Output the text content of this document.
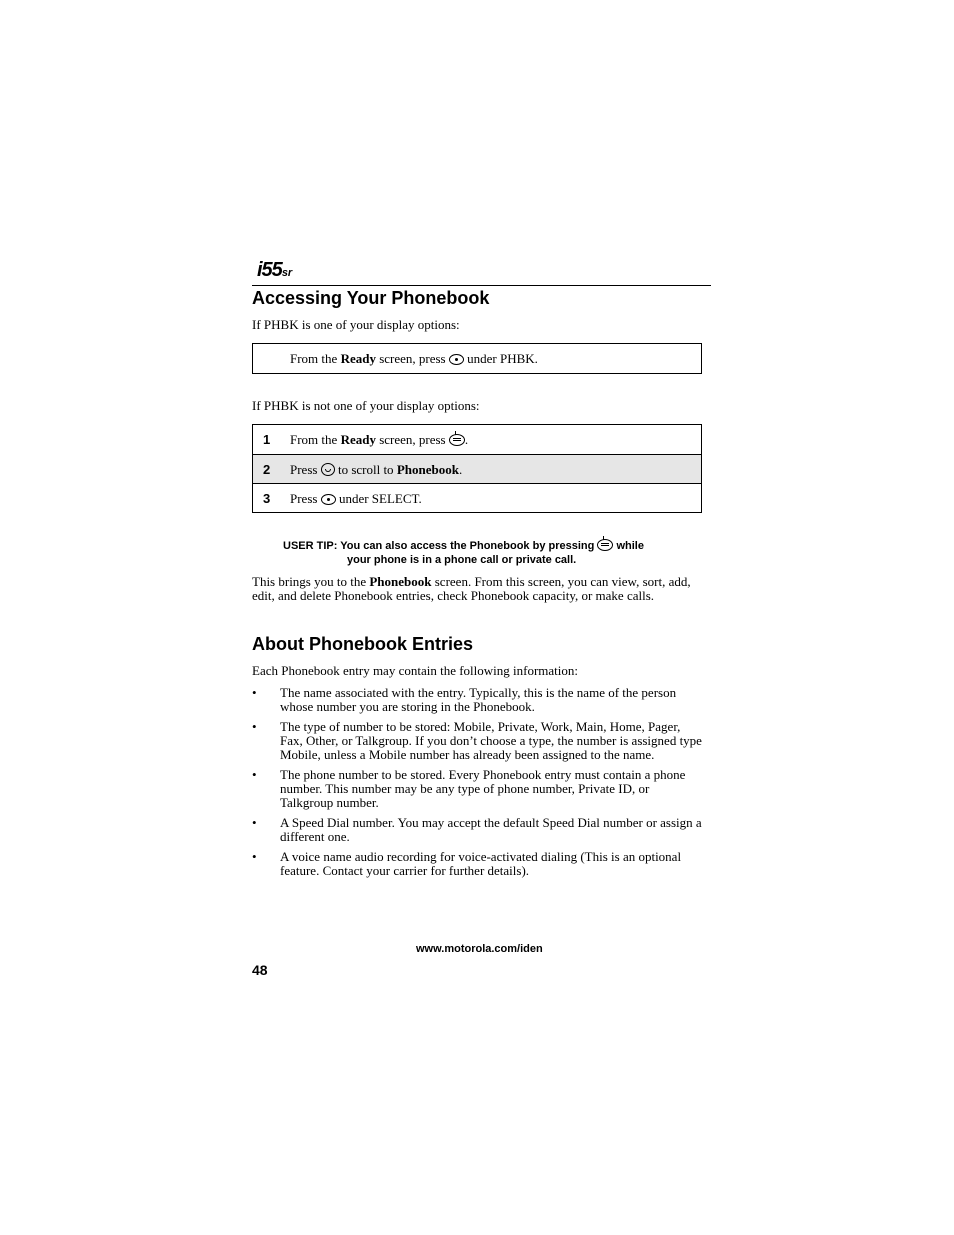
i55sr
Accessing Your Phonebook
If PHBK is one of your display options:
From the Ready screen, press  under PHBK.
If PHBK is not one of your display options:
1 From the Ready screen, press .
2 Press  to scroll to Phonebook.
3 Press  under SELECT.
USER TIP: You can also access the Phonebook by pressing  while
your phone is in a phone call or private call.
This brings you to the Phonebook screen. From this screen, you can view, sort, add, edit, and delete Phonebook entries, check Phonebook capacity, or make calls.
About Phonebook Entries
Each Phonebook entry may contain the following information:
• The name associated with the entry. Typically, this is the name of the person whose number you are storing in the Phonebook.
• The type of number to be stored: Mobile, Private, Work, Main, Home, Pager, Fax, Other, or Talkgroup. If you don’t choose a type, the number is assigned type Mobile, unless a Mobile number has already been assigned to the name.
• The phone number to be stored. Every Phonebook entry must contain a phone number. This number may be any type of phone number, Private ID, or Talkgroup number.
• A Speed Dial number. You may accept the default Speed Dial number or assign a different one.
• A voice name audio recording for voice-activated dialing (This is an optional feature. Contact your carrier for further details).
www.motorola.com/iden
48
